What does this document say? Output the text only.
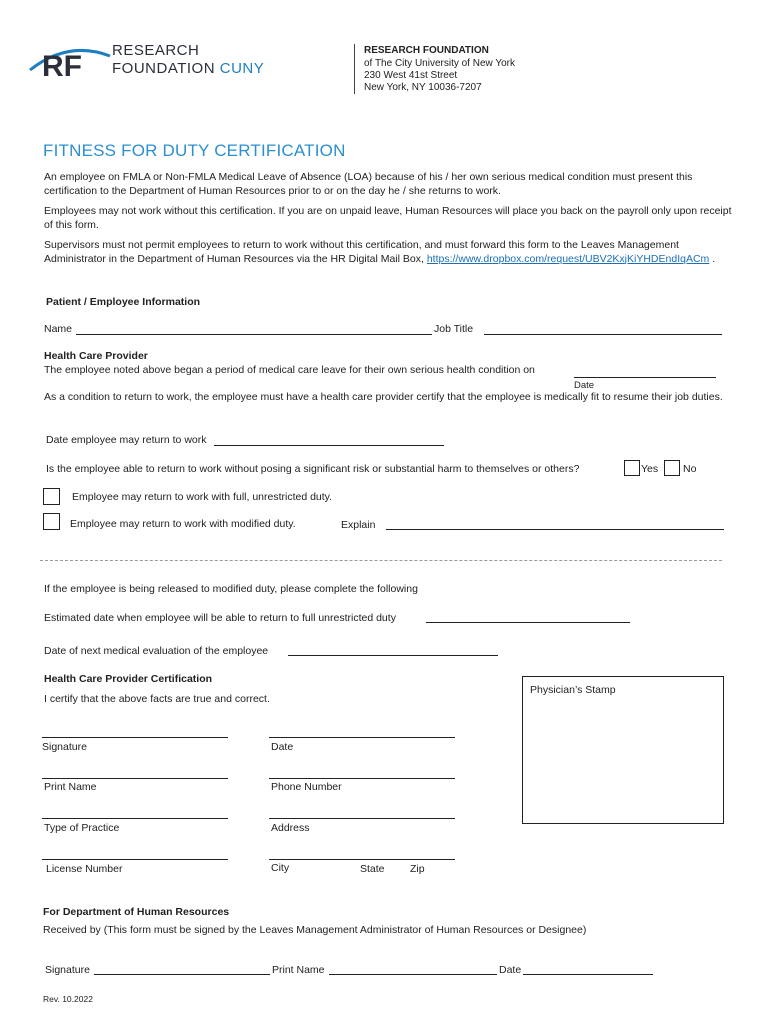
RF RESEARCH
FOUNDATION CUNY
RESEARCH FOUNDATION
of The City University of New York
230 West 41st Street
New York, NY 10036-7207
FITNESS FOR DUTY CERTIFICATION
An employee on FMLA or Non-FMLA Medical Leave of Absence (LOA) because of his / her own serious medical condition must present this certification to the Department of Human Resources prior to or on the day he / she returns to work.
Employees may not work without this certification. If you are on unpaid leave, Human Resources will place you back on the payroll only upon receipt of this form.
Supervisors must not permit employees to return to work without this certification, and must forward this form to the Leaves Management Administrator in the Department of Human Resources via the HR Digital Mail Box, https://www.dropbox.com/request/UBV2KxjKiYHDEndIqACm .
Patient / Employee Information
Name	Job Title
Health Care Provider
The employee noted above began a period of medical care leave for their own serious health condition on
Date
As a condition to return to work, the employee must have a health care provider certify that the employee is medically fit to resume their job duties.
Date employee may return to work
Is the employee able to return to work without posing a significant risk or substantial harm to themselves or others?	Yes No
Employee may return to work with full, unrestricted duty.
Employee may return to work with modified duty.	Explain
If the employee is being released to modified duty, please complete the following
Estimated date when employee will be able to return to full unrestricted duty
Date of next medical evaluation of the employee
Health Care Provider Certification
I certify that the above facts are true and correct.
Physician’s Stamp
Signature	Date
Print Name	Phone Number
Type of Practice	Address
License Number	City	State Zip
For Department of Human Resources
Received by (This form must be signed by the Leaves Management Administrator of Human Resources or Designee)
Signature	Print Name	Date
Rev. 10.2022
